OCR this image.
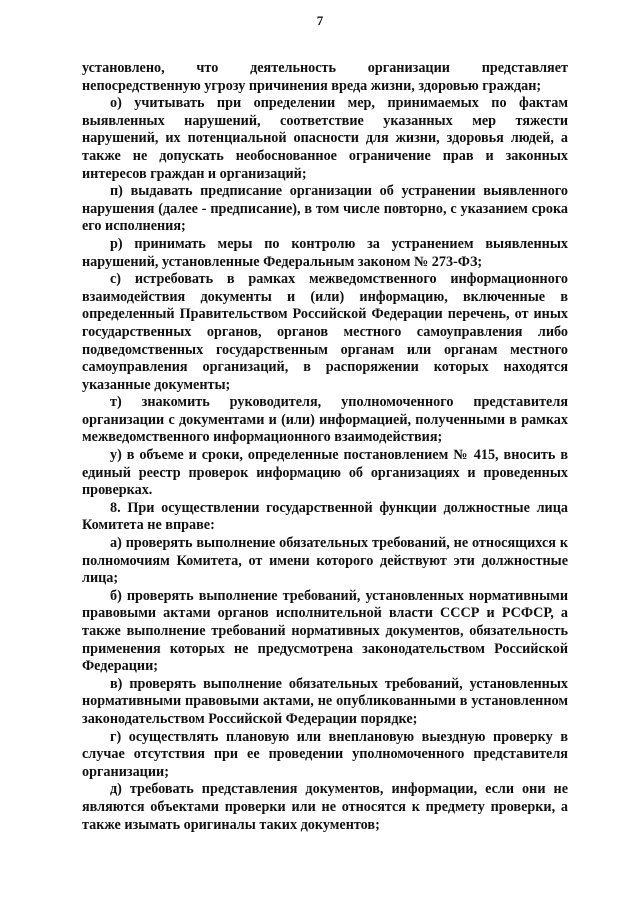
7

установлено, что деятельность организации представляет непосредственную угрозу причинения вреда жизни, здоровью граждан;

о) учитывать при определении мер, принимаемых по фактам выявленных нарушений, соответствие указанных мер тяжести нарушений, их потенциальной опасности для жизни, здоровья людей, а также не допускать необоснованное ограничение прав и законных интересов граждан и организаций;

п) выдавать предписание организации об устранении выявленного нарушения (далее - предписание), в том числе повторно, с указанием срока его исполнения;

р) принимать меры по контролю за устранением выявленных нарушений, установленные Федеральным законом № 273-ФЗ;

с) истребовать в рамках межведомственного информационного взаимодействия документы и (или) информацию, включенные в определенный Правительством Российской Федерации перечень, от иных государственных органов, органов местного самоуправления либо подведомственных государственным органам или органам местного самоуправления организаций, в распоряжении которых находятся указанные документы;

т) знакомить руководителя, уполномоченного представителя организации с документами и (или) информацией, полученными в рамках межведомственного информационного взаимодействия;

у) в объеме и сроки, определенные постановлением № 415, вносить в единый реестр проверок информацию об организациях и проведенных проверках.

8. При осуществлении государственной функции должностные лица Комитета не вправе:

а) проверять выполнение обязательных требований, не относящихся к полномочиям Комитета, от имени которого действуют эти должностные лица;

б) проверять выполнение требований, установленных нормативными правовыми актами органов исполнительной власти СССР и РСФСР, а также выполнение требований нормативных документов, обязательность применения которых не предусмотрена законодательством Российской Федерации;

в) проверять выполнение обязательных требований, установленных нормативными правовыми актами, не опубликованными в установленном законодательством Российской Федерации порядке;

г) осуществлять плановую или внеплановую выездную проверку в случае отсутствия при ее проведении уполномоченного представителя организации;

д) требовать представления документов, информации, если они не являются объектами проверки или не относятся к предмету проверки, а также изымать оригиналы таких документов;
